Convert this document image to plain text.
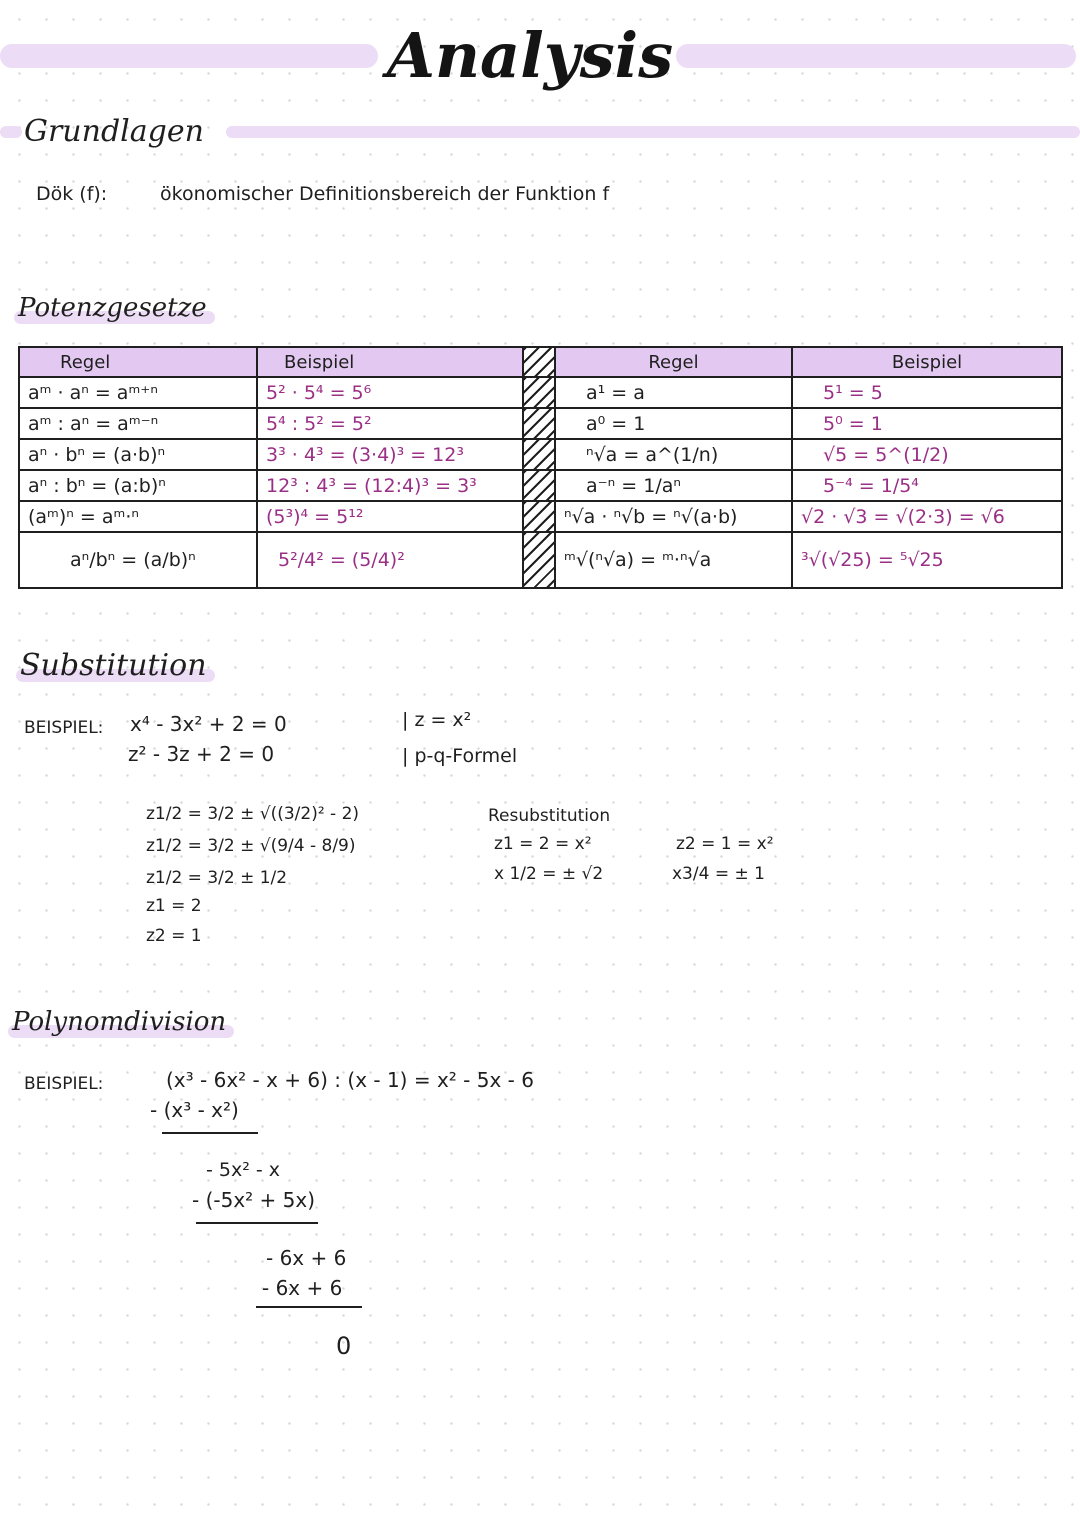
Analysis
Grundlagen
Dök (f):	ökonomischer Definitionsbereich der Funktion f
Potenzgesetze
Regel	Beispiel		Regel	Beispiel
aᵐ · aⁿ = aᵐ⁺ⁿ	5² · 5⁴ = 5⁶		a¹ = a	5¹ = 5
aᵐ : aⁿ = aᵐ⁻ⁿ	5⁴ : 5² = 5²		a⁰ = 1	5⁰ = 1
aⁿ · bⁿ = (a·b)ⁿ	3³ · 4³ = (3·4)³ = 12³		ⁿ√a = a^(1/n)	√5 = 5^(1/2)
aⁿ : bⁿ = (a:b)ⁿ	12³ : 4³ = (12:4)³ = 3³		a⁻ⁿ = 1/aⁿ	5⁻⁴ = 1/5⁴
(aᵐ)ⁿ = aᵐ·ⁿ	(5³)⁴ = 5¹²		ⁿ√a · ⁿ√b = ⁿ√(a·b)	√2 · √3 = √(2·3) = √6
aⁿ/bⁿ = (a/b)ⁿ	5²/4² = (5/4)²		ᵐ√(ⁿ√a) = ᵐ·ⁿ√a	³√(√25) = ⁵√25
Substitution
BEISPIEL: x⁴ - 3x² + 2 = 0
z² - 3z + 2 = 0
| z = x²
| p-q-Formel
z1/2 = 3/2 ± √((3/2)² - 2)
z1/2 = 3/2 ± √(9/4 - 8/9)
z1/2 = 3/2 ± 1/2
z1 = 2
z2 = 1
Resubstitution
z1 = 2 = x²
x 1/2 = ± √2
z2 = 1 = x²
x3/4 = ± 1
Polynomdivision
BEISPIEL:	(x³ - 6x² - x + 6) : (x - 1) = x² - 5x - 6
- (x³ - x²)
- 5x² - x
- (-5x² + 5x)
- 6x + 6
- 6x + 6
0
